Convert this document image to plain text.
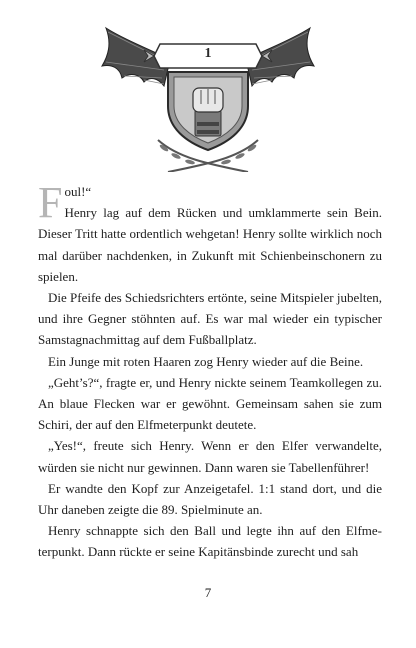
1

Foul!“

Henry lag auf dem Rücken und umklammerte sein Bein. Dieser Tritt hatte ordentlich wehgetan! Henry sollte wirklich noch mal darüber nachdenken, in Zukunft mit Schienbeinschonern zu spielen.

Die Pfeife des Schiedsrichters ertönte, seine Mitspieler jubelten, und ihre Gegner stöhnten auf. Es war mal wieder ein typischer Samstagnachmittag auf dem Fußballplatz.

Ein Junge mit roten Haaren zog Henry wieder auf die Beine.

„Geht’s?“, fragte er, und Henry nickte seinem Teamkollegen zu. An blaue Flecken war er gewöhnt. Gemeinsam sahen sie zum Schiri, der auf den Elfmeterpunkt deutete.

„Yes!“, freute sich Henry. Wenn er den Elfer verwandelte, würden sie nicht nur gewinnen. Dann waren sie Tabellenführer!

Er wandte den Kopf zur Anzeigetafel. 1:1 stand dort, und die Uhr daneben zeigte die 89. Spielminute an.

Henry schnappte sich den Ball und legte ihn auf den Elfmeterpunkt. Dann rückte er seine Kapitänsbinde zurecht und sah

7
